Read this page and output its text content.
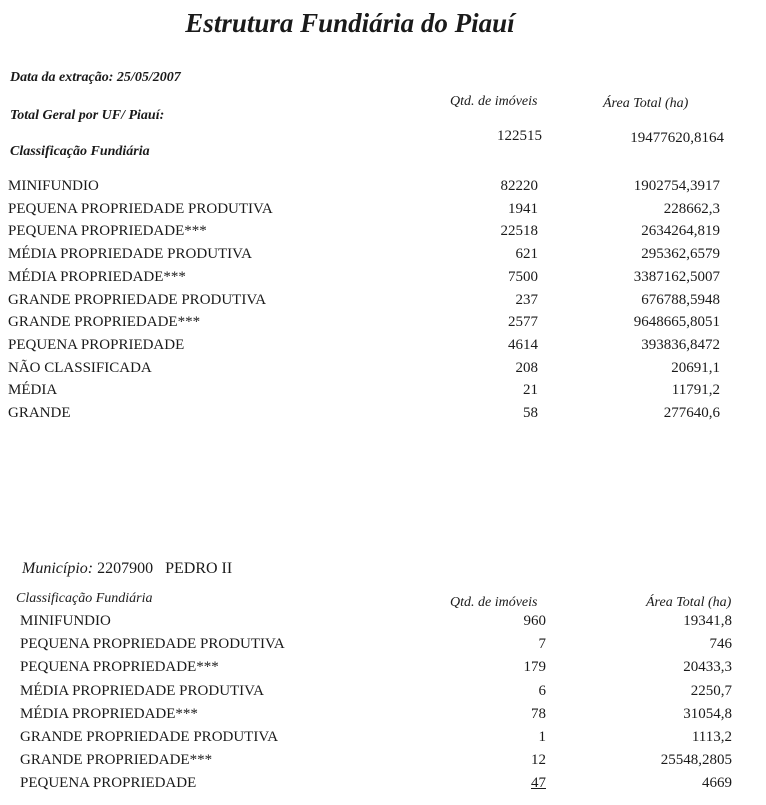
Estrutura Fundiária do Piauí
Data da extração: 25/05/2007
Total Geral por UF/ Piauí:
Classificação Fundiária
Qtd. de imóveis	Área Total (ha)
122515	19477620,8164
MINIFUNDIO	82220	1902754,3917
PEQUENA PROPRIEDADE PRODUTIVA	1941	228662,3
PEQUENA PROPRIEDADE***	22518	2634264,819
MÉDIA PROPRIEDADE PRODUTIVA	621	295362,6579
MÉDIA PROPRIEDADE***	7500	3387162,5007
GRANDE PROPRIEDADE PRODUTIVA	237	676788,5948
GRANDE PROPRIEDADE***	2577	9648665,8051
PEQUENA PROPRIEDADE	4614	393836,8472
NÃO CLASSIFICADA	208	20691,1
MÉDIA	21	11791,2
GRANDE	58	277640,6
Município: 2207900   PEDRO II
Classificação Fundiária	Qtd. de imóveis	Área Total (ha)
MINIFUNDIO	960	19341,8
PEQUENA PROPRIEDADE PRODUTIVA	7	746
PEQUENA PROPRIEDADE***	179	20433,3
MÉDIA PROPRIEDADE PRODUTIVA	6	2250,7
MÉDIA PROPRIEDADE***	78	31054,8
GRANDE PROPRIEDADE PRODUTIVA	1	1113,2
GRANDE PROPRIEDADE***	12	25548,2805
PEQUENA PROPRIEDADE	47	4669
